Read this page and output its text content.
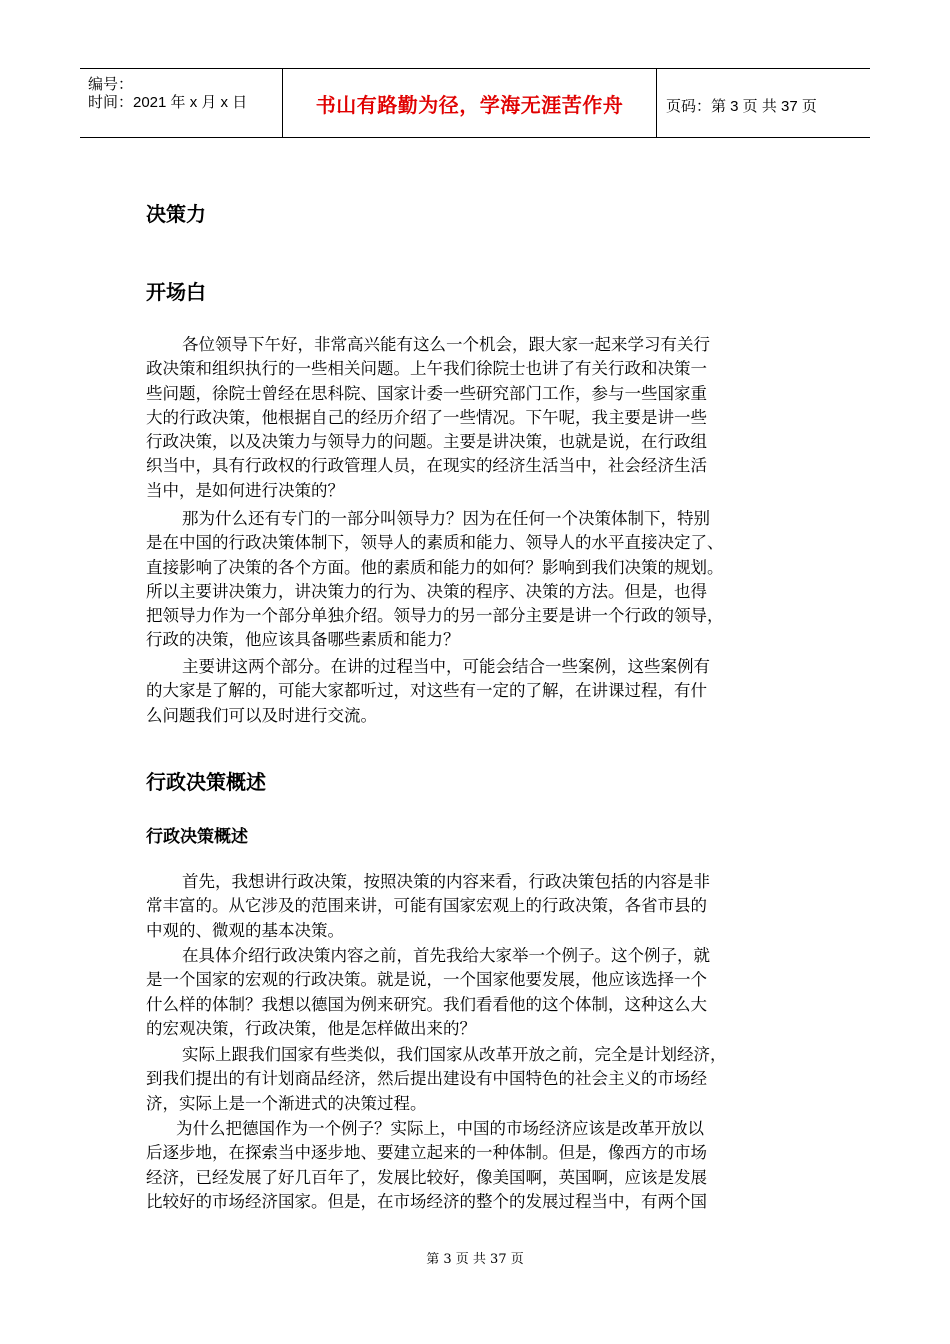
编号：
时间：2021 年 x 月 x 日	书山有路勤为径，学海无涯苦作舟	页码：第 3 页 共 37 页
决策力
开场白
各位领导下午好，非常高兴能有这么一个机会，跟大家一起来学习有关行
政决策和组织执行的一些相关问题。上午我们徐院士也讲了有关行政和决策一
些问题，徐院士曾经在思科院、国家计委一些研究部门工作，参与一些国家重
大的行政决策，他根据自己的经历介绍了一些情况。下午呢，我主要是讲一些
行政决策，以及决策力与领导力的问题。主要是讲决策，也就是说，在行政组
织当中，具有行政权的行政管理人员，在现实的经济生活当中，社会经济生活
当中，是如何进行决策的？
那为什么还有专门的一部分叫领导力？因为在任何一个决策体制下，特别
是在中国的行政决策体制下，领导人的素质和能力、领导人的水平直接决定了、
直接影响了决策的各个方面。他的素质和能力的如何？影响到我们决策的规划。
所以主要讲决策力，讲决策力的行为、决策的程序、决策的方法。但是，也得
把领导力作为一个部分单独介绍。领导力的另一部分主要是讲一个行政的领导，
行政的决策，他应该具备哪些素质和能力？
主要讲这两个部分。在讲的过程当中，可能会结合一些案例，这些案例有
的大家是了解的，可能大家都听过，对这些有一定的了解，在讲课过程，有什
么问题我们可以及时进行交流。
行政决策概述
行政决策概述
首先，我想讲行政决策，按照决策的内容来看，行政决策包括的内容是非
常丰富的。从它涉及的范围来讲，可能有国家宏观上的行政决策，各省市县的
中观的、微观的基本决策。
在具体介绍行政决策内容之前，首先我给大家举一个例子。这个例子，就
是一个国家的宏观的行政决策。就是说，一个国家他要发展，他应该选择一个
什么样的体制？我想以德国为例来研究。我们看看他的这个体制，这种这么大
的宏观决策，行政决策，他是怎样做出来的？
实际上跟我们国家有些类似，我们国家从改革开放之前，完全是计划经济，
到我们提出的有计划商品经济，然后提出建设有中国特色的社会主义的市场经
济，实际上是一个渐进式的决策过程。
为什么把德国作为一个例子？实际上，中国的市场经济应该是改革开放以
后逐步地，在探索当中逐步地、要建立起来的一种体制。但是，像西方的市场
经济，已经发展了好几百年了，发展比较好，像美国啊，英国啊，应该是发展
比较好的市场经济国家。但是，在市场经济的整个的发展过程当中，有两个国
第 3 页 共 37 页
